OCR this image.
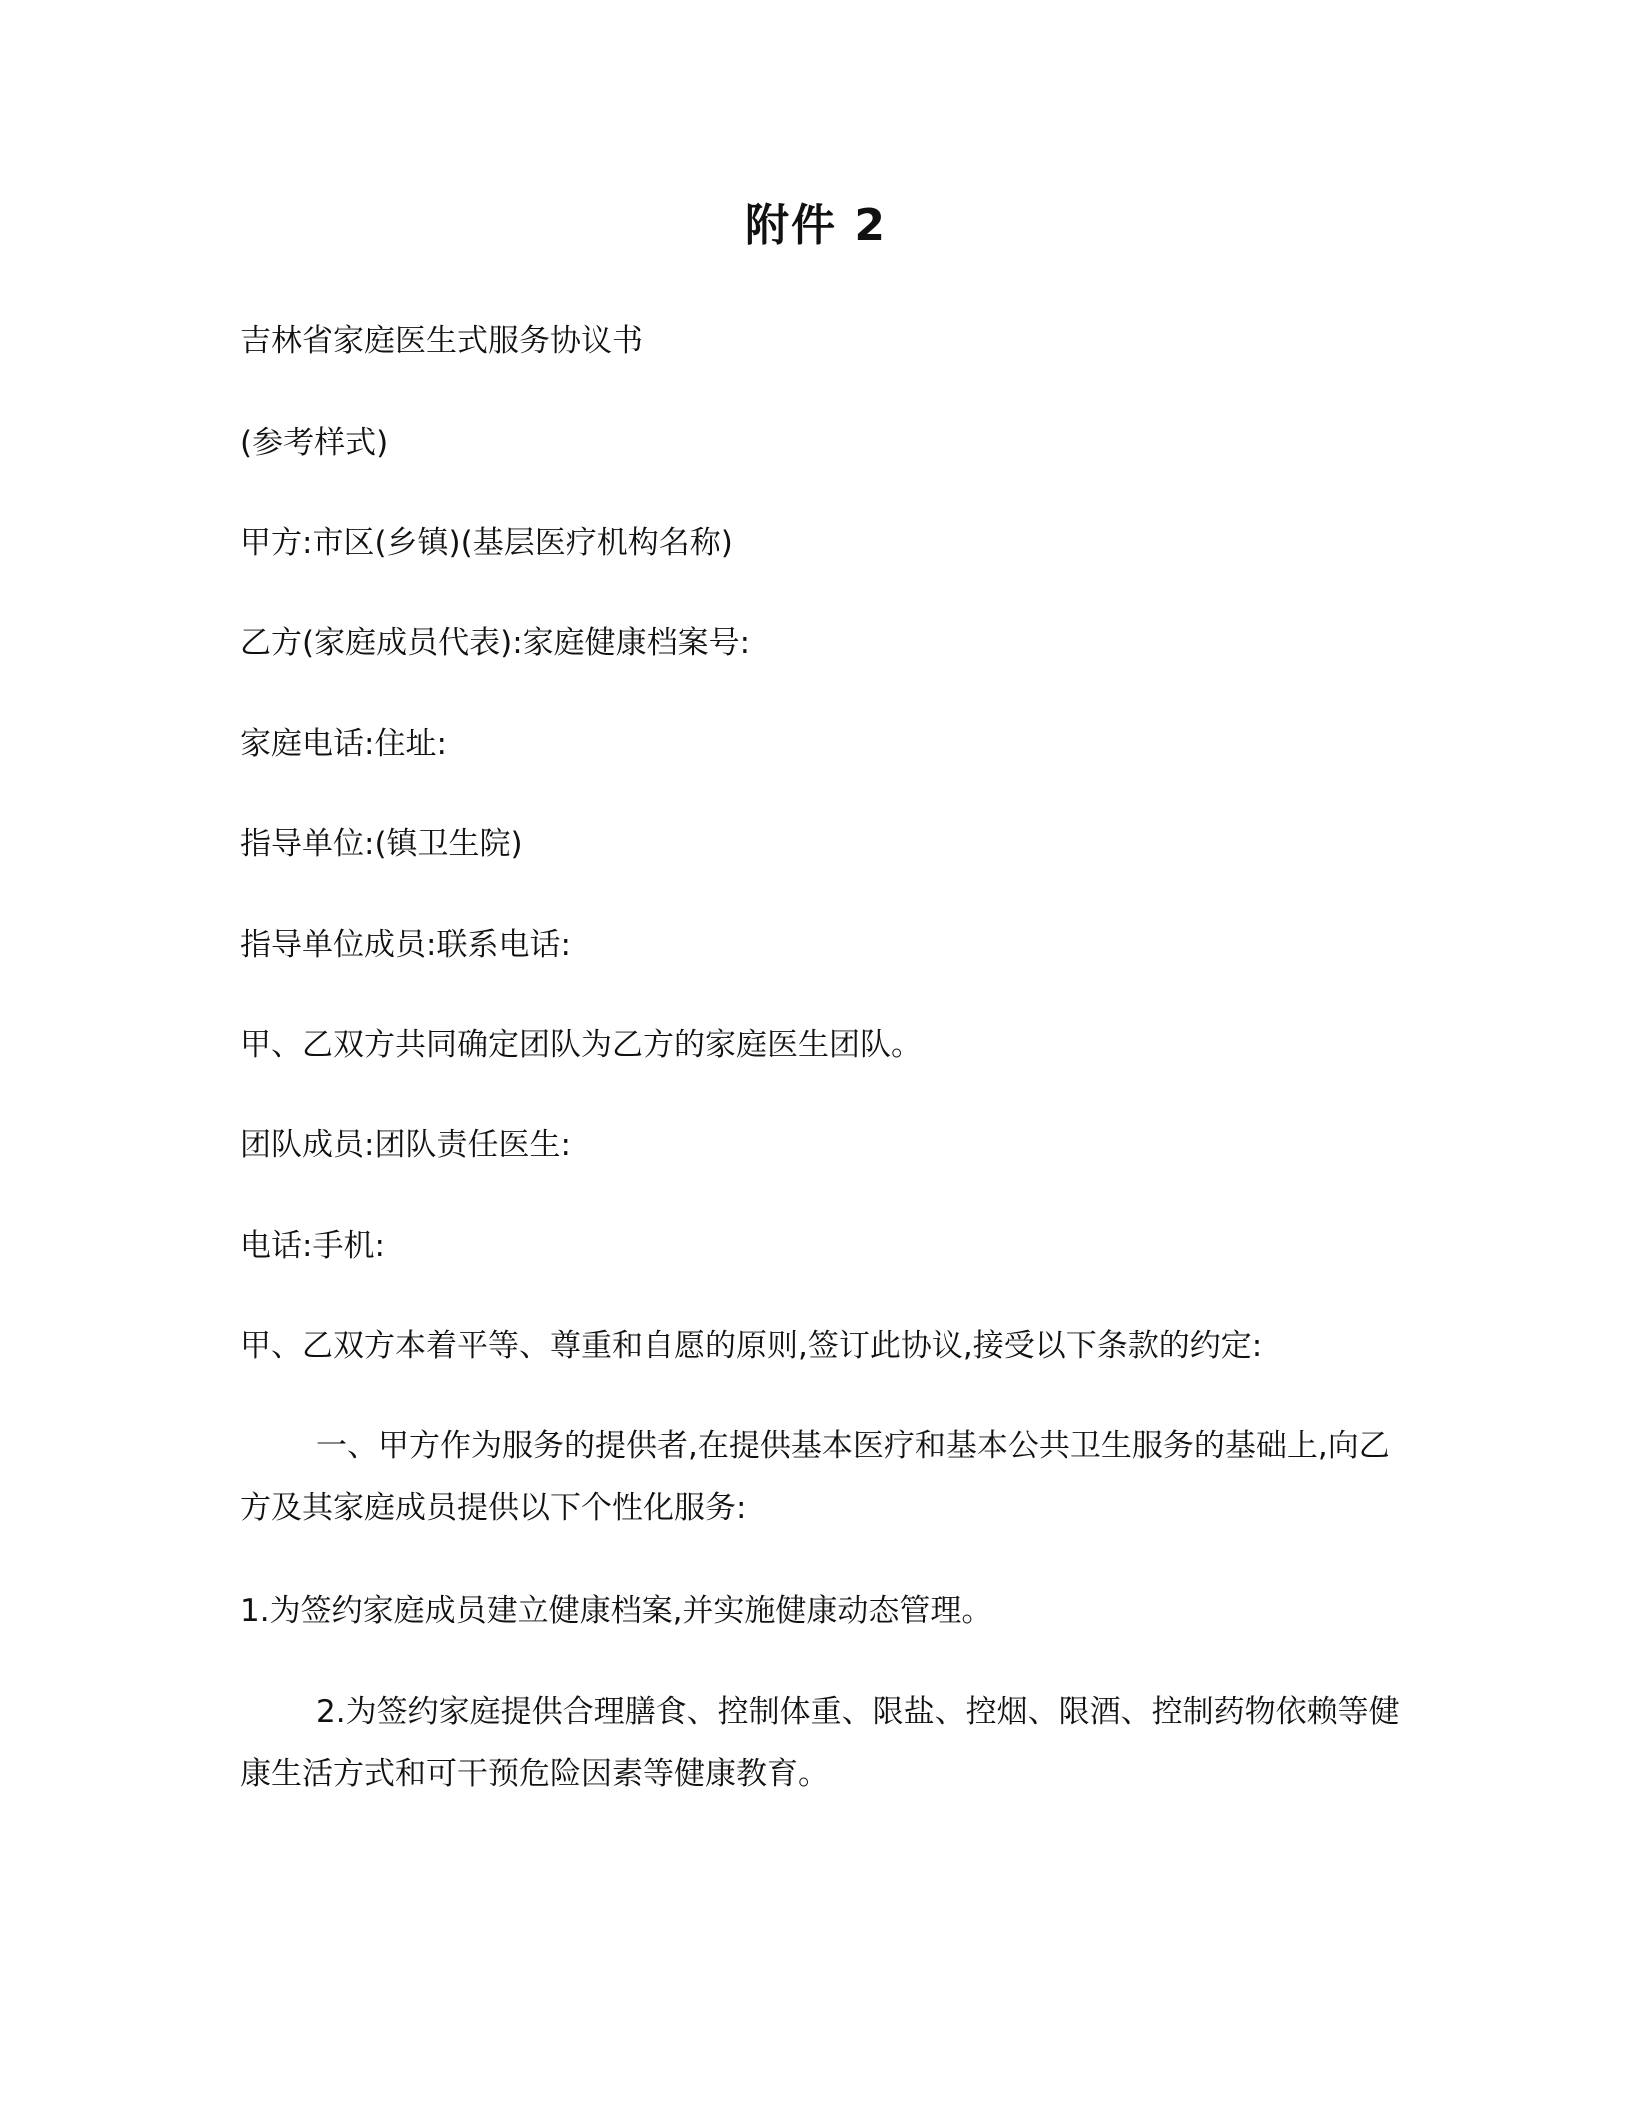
附件 2
吉林省家庭医生式服务协议书
(参考样式)
甲方:市区(乡镇)(基层医疗机构名称)
乙方(家庭成员代表):家庭健康档案号:
家庭电话:住址:
指导单位:(镇卫生院)
指导单位成员:联系电话:
甲、乙双方共同确定团队为乙方的家庭医生团队。
团队成员:团队责任医生:
电话:手机:
甲、乙双方本着平等、尊重和自愿的原则,签订此协议,接受以下条款的约定:
一、甲方作为服务的提供者,在提供基本医疗和基本公共卫生服务的基础上,向乙方及其家庭成员提供以下个性化服务:
1.为签约家庭成员建立健康档案,并实施健康动态管理。
2.为签约家庭提供合理膳食、控制体重、限盐、控烟、限酒、控制药物依赖等健康生活方式和可干预危险因素等健康教育。
